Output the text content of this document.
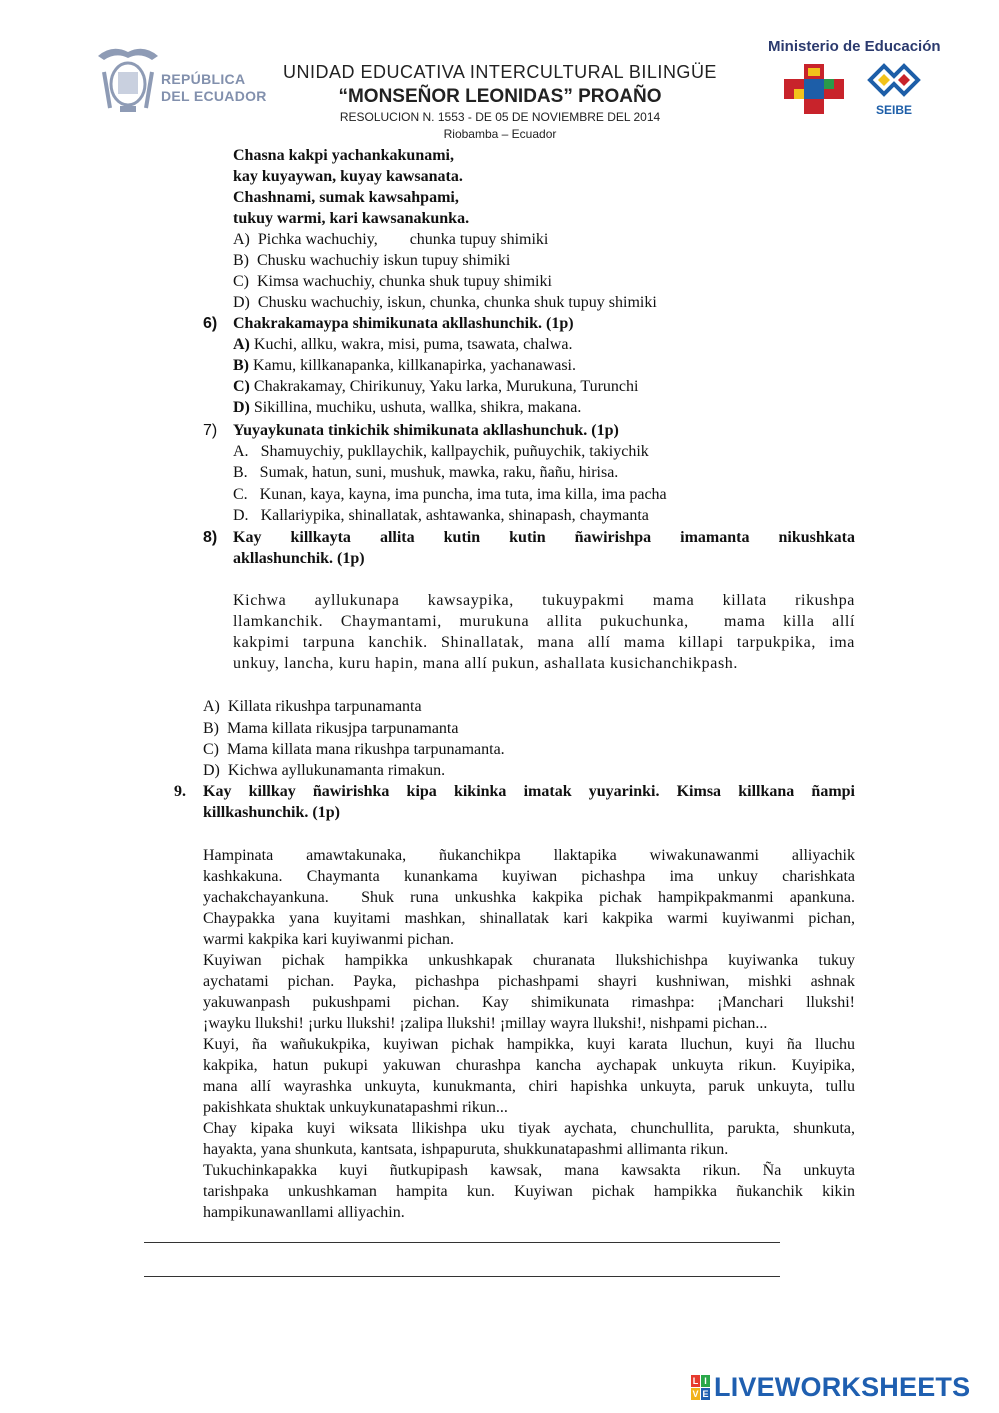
REPÚBLICA
DEL ECUADOR
UNIDAD EDUCATIVA INTERCULTURAL BILINGÜE
“MONSEÑOR LEONIDAS” PROAÑO
RESOLUCION N. 1553 - DE 05 DE NOVIEMBRE DEL 2014
Riobamba – Ecuador
Ministerio de Educación
SEIBE
Chasna kakpi yachankakunami,
kay kuyaywan, kuyay kawsanata.
Chashnami, sumak kawsahpami,
tukuy warmi, kari kawsanakunka.
A) Pichka wachuchiy,        chunka tupuy shimiki
B) Chusku wachuchiy iskun tupuy shimiki
C) Kimsa wachuchiy, chunka shuk tupuy shimiki
D) Chusku wachuchiy, iskun, chunka, chunka shuk tupuy shimiki
6) Chakrakamaypa shimikunata akllashunchik. (1p)
A) Kuchi, allku, wakra, misi, puma, tsawata, chalwa.
B) Kamu, killkanapanka, killkanapirka, yachanawasi.
C) Chakrakamay, Chirikunuy, Yaku larka, Murukuna, Turunchi
D) Sikillina, muchiku, ushuta, wallka, shikra, makana.
7) Yuyaykunata tinkichik shimikunata akllashunchuk. (1p)
A. Shamuychiy, pukllaychik, kallpaychik, puñuychik, takiychik
B. Sumak, hatun, suni, mushuk, mawka, raku, ñañu, hirisa.
C. Kunan, kaya, kayna, ima puncha, ima tuta, ima killa, ima pacha
D. Kallariypika, shinallatak, ashtawanka, shinapash, chaymanta
8) Kay killkayta allita kutin kutin ñawirishpa imamanta nikushkata
akllashunchik. (1p)
Kichwa ayllukunapa kawsaypika, tukuypakmi mama killata rikushpa
llamkanchik. Chaymantami, murukuna allita pukuchunka,  mama killa allí
kakpimi tarpuna kanchik. Shinallatak, mana allí mama killapi tarpukpika, ima
unkuy, lancha, kuru hapin, mana allí pukun, ashallata kusichanchikpash.
A) Killata rikushpa tarpunamanta
B) Mama killata rikusjpa tarpunamanta
C) Mama killata mana rikushpa tarpunamanta.
D) Kichwa ayllukunamanta rimakun.
9. Kay killkay ñawirishka kipa kikinka imatak yuyarinki. Kimsa killkana ñampi
killkashunchik. (1p)
Hampinata amawtakunaka, ñukanchikpa llaktapika wiwakunawanmi alliyachik
kashkakuna. Chaymanta kunankama kuyiwan pichashpa ima unkuy charishkata
yachakchayankuna.  Shuk runa unkushka kakpika pichak hampikpakmanmi apankuna.
Chaypakka yana kuyitami mashkan, shinallatak kari kakpika warmi kuyiwanmi pichan,
warmi kakpika kari kuyiwanmi pichan.
Kuyiwan pichak hampikka unkushkapak churanata llukshichishpa kuyiwanka tukuy
aychatami pichan. Payka, pichashpa pichashpami shayri kushniwan, mishki ashnak
yakuwanpash pukushpami pichan. Kay shimikunata rimashpa: ¡Manchari llukshi!
¡wayku llukshi! ¡urku llukshi! ¡zalipa llukshi! ¡millay wayra llukshi!, nishpami pichan...
Kuyi, ña wañukukpika, kuyiwan pichak hampikka, kuyi karata lluchun, kuyi ña lluchu
kakpika, hatun pukupi yakuwan churashpa kancha aychapak unkuyta rikun. Kuyipika,
mana allí wayrashka unkuyta, kunukmanta, chiri hapishka unkuyta, paruk unkuyta, tullu
pakishkata shuktak unkuykunatapashmi rikun...
Chay kipaka kuyi wiksata llikishpa uku tiyak aychata, chunchullita, parukta, shunkuta,
hayakta, yana shunkuta, kantsata, ishpapuruta, shukkunatapashmi allimanta rikun.
Tukuchinkapakka kuyi ñutkupipash kawsak, mana kawsakta rikun. Ña unkuyta
tarishpaka unkushkaman hampita kun. Kuyiwan pichak hampikka ñukanchik kikin
hampikunawanllami alliyachin.
L I
V E LIVEWORKSHEETS
